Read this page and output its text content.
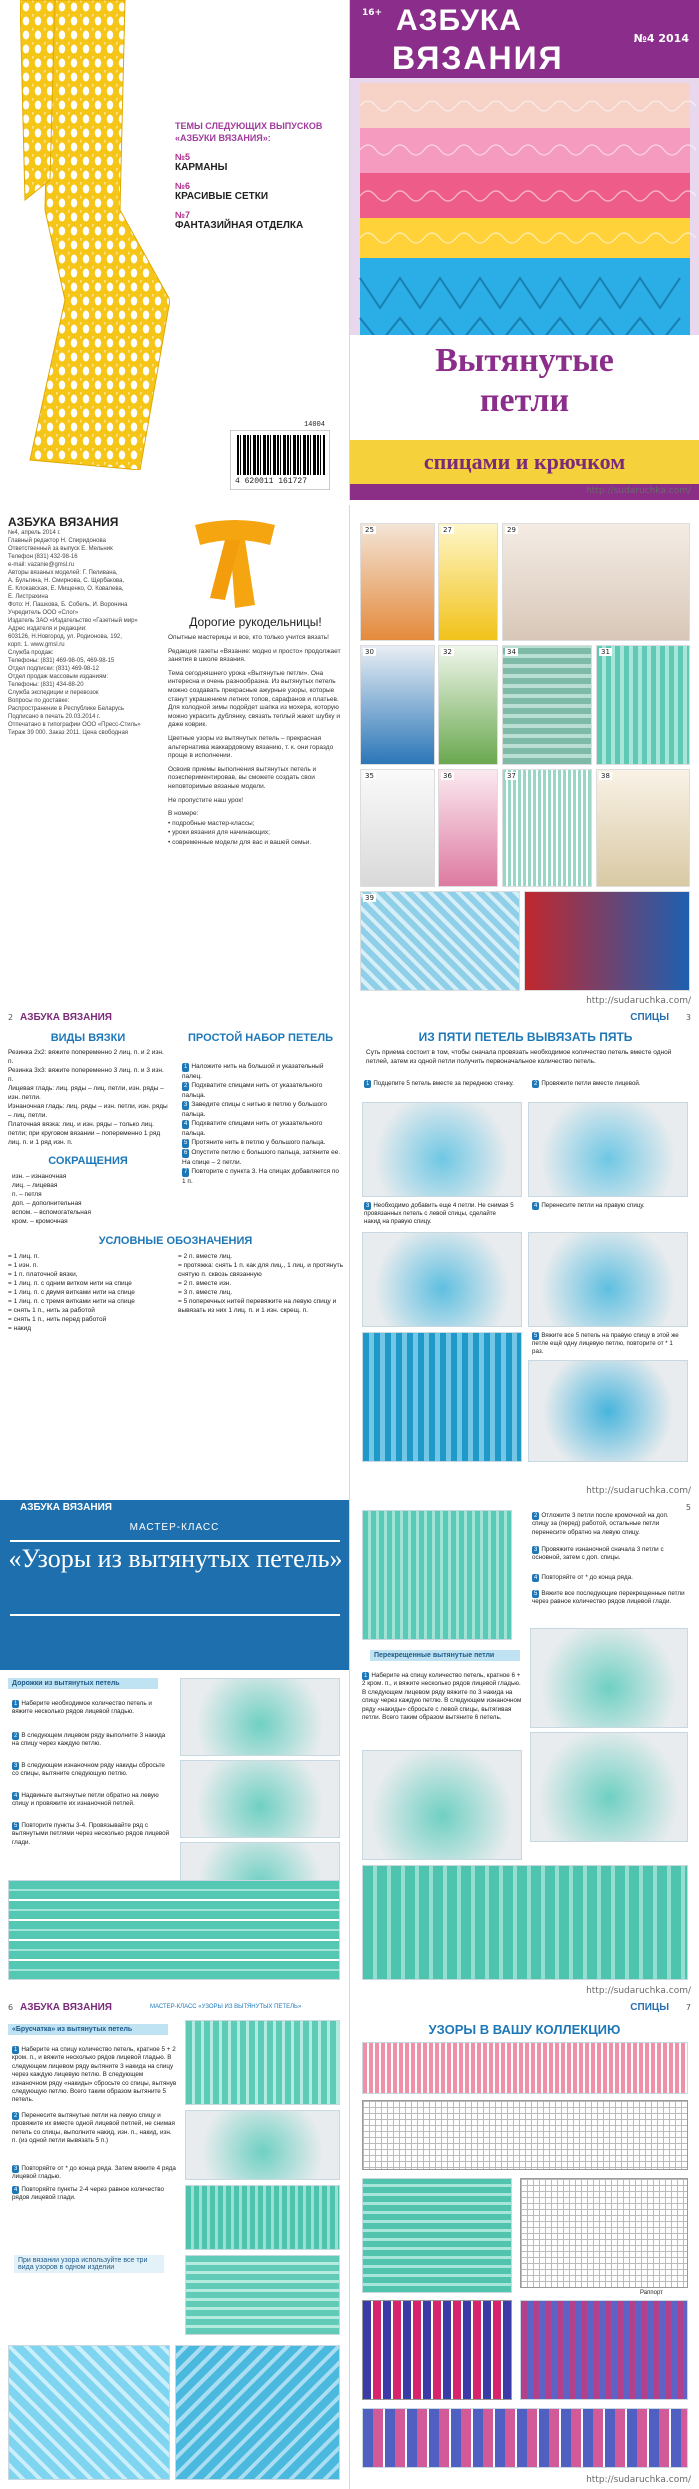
ТЕМЫ СЛЕДУЮЩИХ ВЫПУСКОВ «АЗБУКИ ВЯЗАНИЯ»:
№5
КАРМАНЫ
№6
КРАСИВЫЕ СЕТКИ
№7
ФАНТАЗИЙНАЯ ОТДЕЛКА
4 620011 161727
14004
16+ АЗБУКА
ВЯЗАНИЯ
№4 2014
Вытянутые
петли
спицами и крючком
http://sudaruchka.com/
АЗБУКА ВЯЗАНИЯ
№4, апрель 2014 г.
Главный редактор Н. Спиридонова
Ответственный за выпуск Е. Мельник
Телефон (831) 432-98-16
e-mail: vazanie@gmsl.ru
Авторы вязаных моделей: Г. Пеливана,
А. Бульгина, Н. Смирнова, С. Щербакова,
Е. Клокавская, Е. Мищенко, О. Ковалева,
Е. Листрахина
Фото: Н. Пашкова, Б. Собель, И. Воронина
Учредитель ООО «Слог»
Издатель ЗАО «Издательство «Газетный мир»
Адрес издателя и редакции:
603126, Н.Новгород, ул. Родионова, 192,
корп. 1. www.gmsl.ru
Служба продаж:
Телефоны: (831) 469-98-05, 469-98-15
Отдел подписки: (831) 469-98-12
Отдел продаж массовым изданиям:
Телефоны: (831) 434-88-20
Служба экспедиции и перевозок
Вопросы по доставке:
Распространение в Республике Беларусь
Подписано в печать 20.03.2014 г.
Отпечатано в типографии ООО «Пресс-Стиль»
Тираж 39 000. Заказ 2011. Цена свободная
Дорогие рукодельницы!

Опытные мастерицы и все, кто только учится вязать!

Редакция газеты «Вязание: модно и просто» продолжает занятия в школе вязания.

Тема сегодняшнего урока «Вытянутые петли». Она интересна и очень разнообразна. Из вытянутых петель можно создавать прекрасные ажурные узоры, которые станут украшением летних топов, сарафанов и платьев. Для холодной зимы подойдет шапка из мохера, которую можно украсить дублянку, связать теплый жакет шубку и даже коврик.

Цветные узоры из вытянутых петель – прекрасная альтернатива жаккардовому вязанию, т. к. они гораздо проще в исполнении.

Освоив приемы выполнения вытянутых петель и поэкспериментировав, вы сможете создать свои неповторимые вязаные модели.

Не пропустите наш урок!

В номере:

• подробные мастер-классы;

• уроки вязания для начинающих;

• современные модели для вас и вашей семьи.

25	27	29
30	32	34	31
35	36	37	38
39
http://sudaruchka.com/
АЗБУКА ВЯЗАНИЯ
2
ВИДЫ ВЯЗКИ
Резинка 2х2: вяжите попеременно 2 лиц. п. и 2 изн. п.
Резинка 3х3: вяжите попеременно 3 лиц. п. и 3 изн. п.
Лицевая гладь: лиц. ряды – лиц. петли, изн. ряды – изн. петли.
Изнаночная гладь: лиц. ряды – изн. петли, изн. ряды – лиц. петли.
Платочная вязка: лиц. и изн. ряды – только лиц. петли; при круговом вязании – попеременно 1 ряд лиц. п. и 1 ряд изн. п.
СОКРАЩЕНИЯ
изн. – изнаночная
лиц. – лицевая
п. – петля
доп. – дополнительная
вспом. – вспомогательная
кром. – кромочная
УСЛОВНЫЕ ОБОЗНАЧЕНИЯ
= 1 лиц. п.
= 1 изн. п.
= 1 п. платочной вязки,
= 1 лиц. п. с одним витком нити на спице
= 1 лиц. п. с двумя витками нити на спице
= 1 лиц. п. с тремя витками нити на спице
= снять 1 п., нить за работой
= снять 1 п., нить перед работой
= накид
= 2 п. вместе лиц.
= протяжка: снять 1 п. как для лиц., 1 лиц. и протянуть снятую п. сквозь связанную
= 2 п. вместе изн.
= 3 п. вместе лиц.
= 5 поперечных нитей перевяжите на левую спицу и вывязать из них 1 лиц. п. и 1 изн. скрещ. п.
ПРОСТОЙ НАБОР ПЕТЕЛЬ
1 Наложите нить на большой и указательный палец.
2 Подхватите спицами нить от указательного пальца.
3 Заведите спицы с нитью в петлю у большого пальца.
4 Подхватите спицами нить от указательного пальца.
5 Протяните нить в петлю у большого пальца.
6 Опустите петлю с большого пальца, затяните ее. На спице – 2 петли.
7 Повторите с пункта 3. На спицах добавляется по 1 п.
СПИЦЫ 3
ИЗ ПЯТИ ПЕТЕЛЬ ВЫВЯЗАТЬ ПЯТЬ
Суть приема состоит в том, чтобы сначала провязать необходимое количество петель вместе одной петлей, затем из одной петли получить первоначальное количество петель.
1 Подцепите 5 петель вместе за переднюю стенку.	2 Провяжите петли вместе лицевой.
3 Необходимо добавить еще 4 петли. Не снимая 5 провязанных петель с левой спицы, сделайте накид на правую спицу.
4 Перенесите петли на правую спицу.
5 Вяжите все 5 петель на правую спицу в этой же петле ещё одну лицевую петлю, повторите от * 1 раз.
http://sudaruchka.com/
АЗБУКА ВЯЗАНИЯ
МАСТЕР-КЛАСС
«Узоры из вытянутых петель»
Дорожки из вытянутых петель
1 Наберите необходимое количество петель и вяжите несколько рядов лицевой гладью.
2 В следующем лицевом ряду выполните 3 накида на спицу через каждую петлю.
3 В следующем изнаночном ряду накиды сбросьте со спицы, вытяните следующую петлю.
4 Надвиньте вытянутые петли обратно на левую спицу и провяжите их изнаночной петлей.
5 Повторите пункты 3-4. Провязывайте ряд с вытянутыми петлями через несколько рядов лицевой глади.
5
Перекрещенные вытянутые петли
1 Наберите на спицу количество петель, кратное 6 + 2 кром. п., и вяжите несколько рядов лицевой гладью. В следующем лицевом ряду вяжите по 3 накида на спицу через каждую петлю. В следующем изнаночном ряду «накиды» сбросьте с левой спицы, вытягивая петли. Всего таким образом вытяните 6 петель.
2 Отложите 3 петли после кромочной на доп. спицу за (перед) работой, остальные петли перенесите обратно на левую спицу.
3 Провяжите изнаночной сначала 3 петли с основной, затем с доп. спицы.
4 Повторяйте от * до конца ряда.
5 Вяжите все последующие перекрещенные петли через равное количество рядов лицевой глади.
http://sudaruchka.com/
6 АЗБУКА ВЯЗАНИЯ	МАСТЕР-КЛАСС «УЗОРЫ ИЗ ВЫТЯНУТЫХ ПЕТЕЛЬ»
«Брусчатка» из вытянутых петель
1 Наберите на спицу количество петель, кратное 5 + 2 кром. п., и вяжите несколько рядов лицевой гладью. В следующем лицевом ряду вытяните 3 накида на спицу через каждую лицевую петлю. В следующем изнаночном ряду «накиды» сбросьте со спицы, вытянув следующую петлю. Всего таким образом вытяните 5 петель.
2 Перенесите вытянутые петли на левую спицу и провяжите их вместе одной лицевой петлей, не снимая петель со спицы, выполните накид, изн. п., накид, изн. п. (из одной петли вывязать 5 п.)
3 Повторяйте от * до конца ряда. Затем вяжите 4 ряда лицевой гладью.
4 Повторяйте пункты 2-4 через равное количество рядов лицевой глади.
При вязании узора используйте все три вида узоров в одном изделии
СПИЦЫ 7
УЗОРЫ В ВАШУ КОЛЛЕКЦИЮ
Раппорт
http://sudaruchka.com/
